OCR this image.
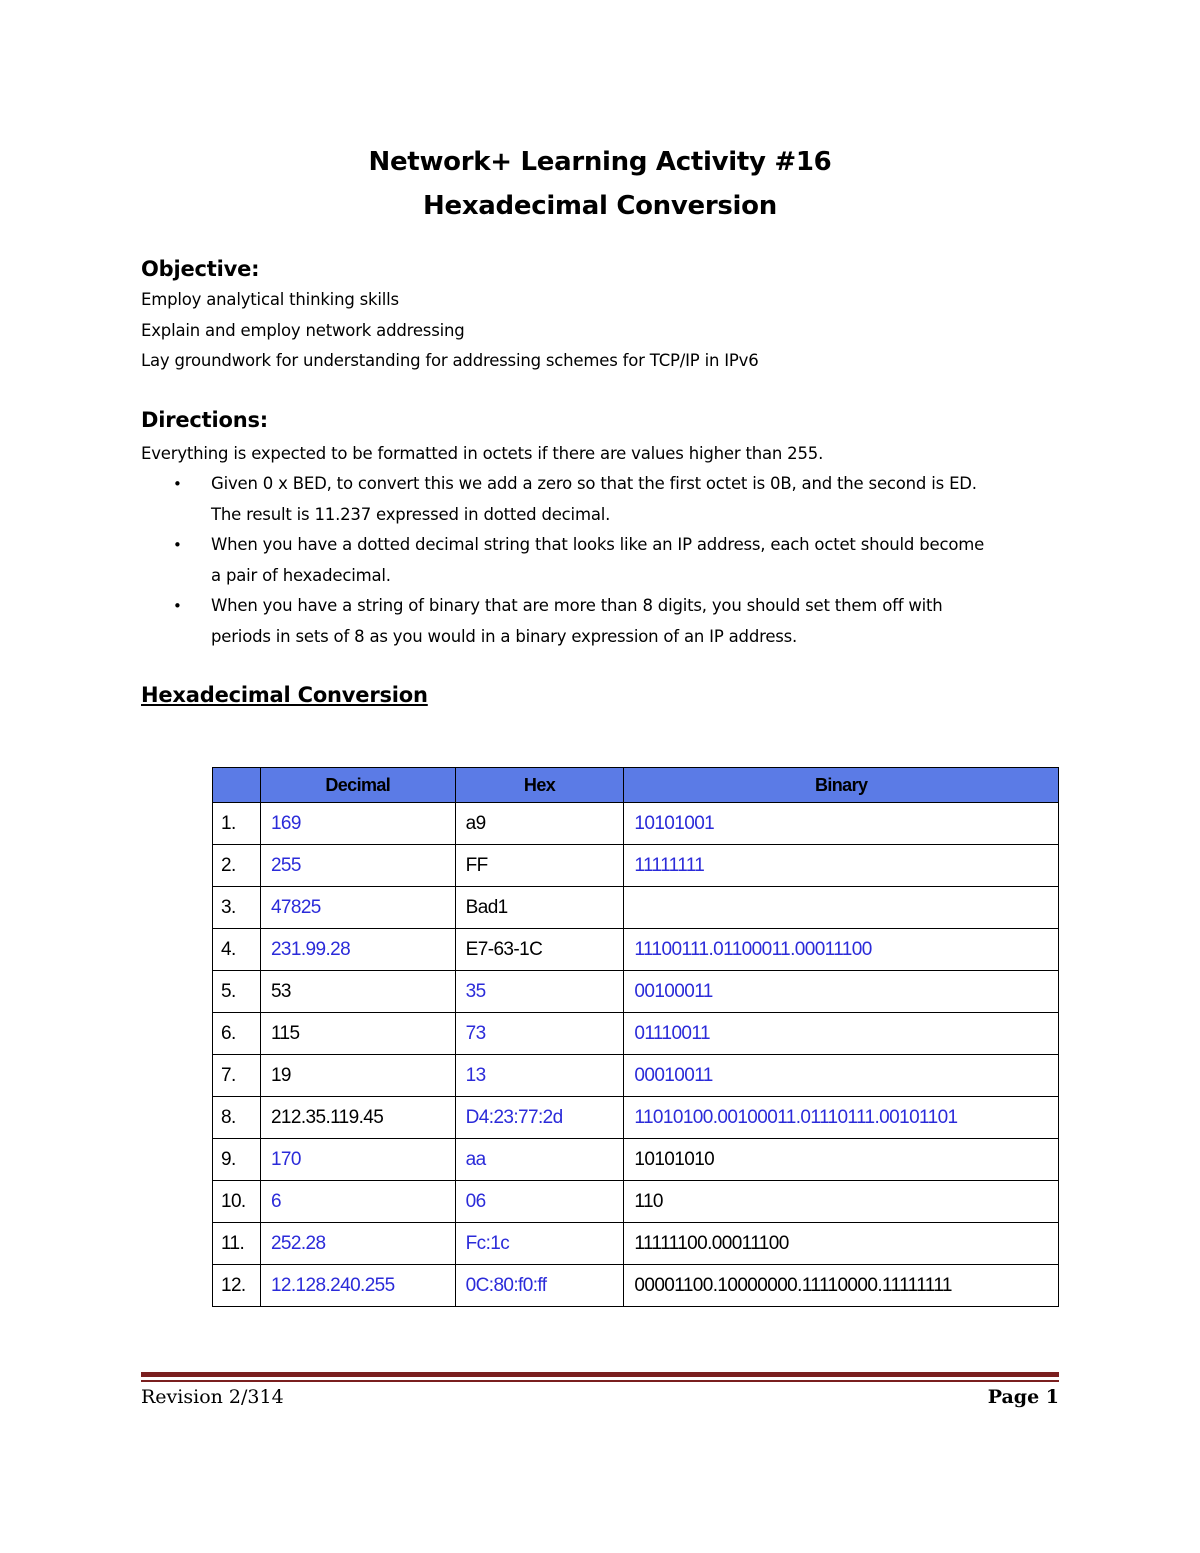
Network+ Learning Activity #16
Hexadecimal Conversion
Objective:
Employ analytical thinking skills
Explain and employ network addressing
Lay groundwork for understanding for addressing schemes for TCP/IP in IPv6
Directions:
Everything is expected to be formatted in octets if there are values higher than 255.
• Given 0 x BED, to convert this we add a zero so that the first octet is 0B, and the second is ED.
The result is 11.237 expressed in dotted decimal.
• When you have a dotted decimal string that looks like an IP address, each octet should become
a pair of hexadecimal.
• When you have a string of binary that are more than 8 digits, you should set them off with
periods in sets of 8 as you would in a binary expression of an IP address.
Hexadecimal Conversion
	Decimal	Hex	Binary
1.	169	a9	10101001
2.	255	FF	11111111
3.	47825	Bad1	
4.	231.99.28	E7-63-1C	11100111.01100011.00011100
5.	53	35	00100011
6.	115	73	01110011
7.	19	13	00010011
8.	212.35.119.45	D4:23:77:2d	11010100.00100011.01110111.00101101
9.	170	aa	10101010
10.	6	06	110
11.	252.28	Fc:1c	11111100.00011100
12.	12.128.240.255	0C:80:f0:ff	00001100.10000000.11110000.11111111
Revision 2/314	Page 1
